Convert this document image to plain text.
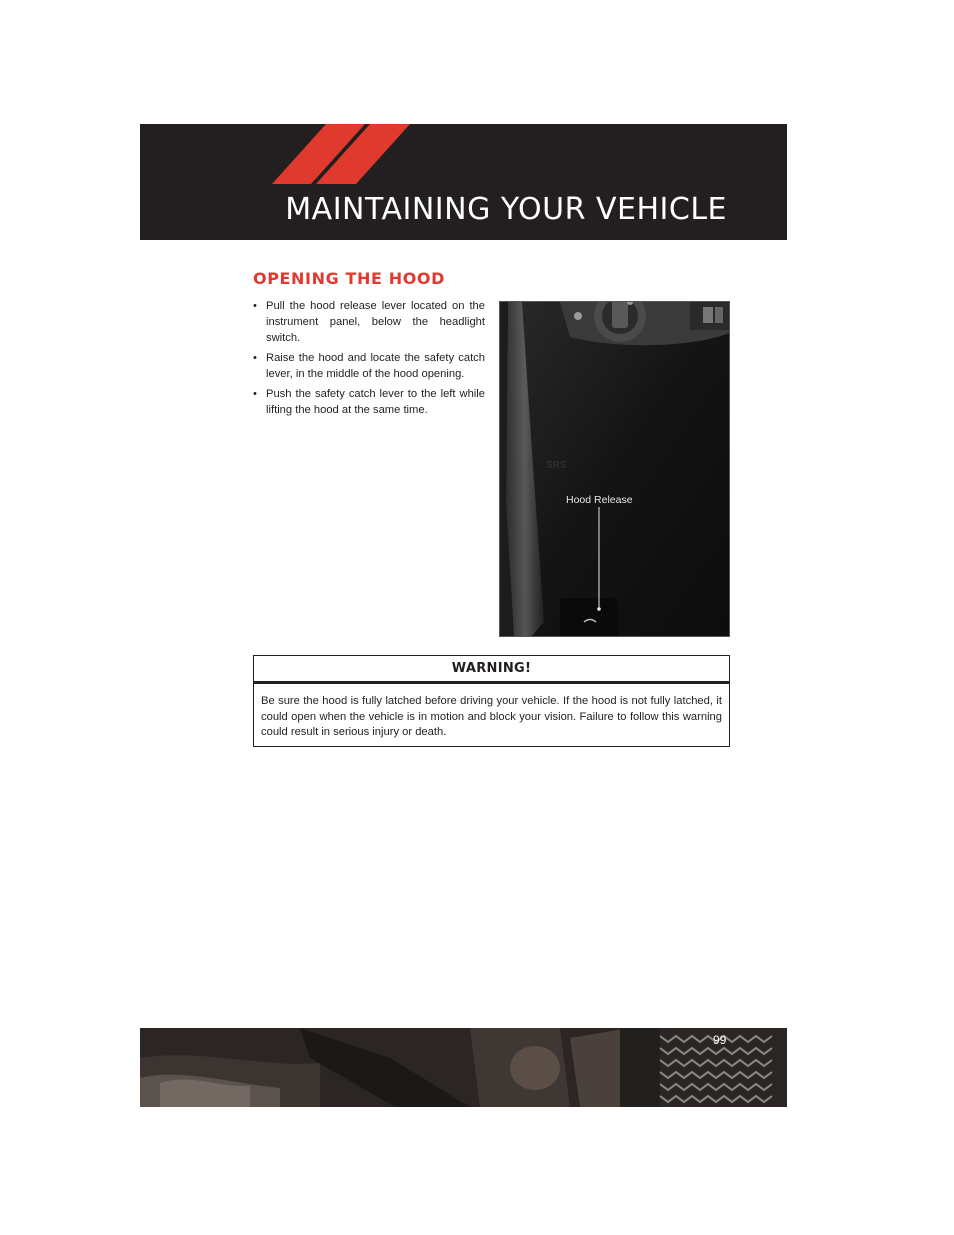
MAINTAINING YOUR VEHICLE
OPENING THE HOOD
• Pull the hood release lever located on the instrument panel, below the headlight switch.
• Raise the hood and locate the safety catch lever, in the middle of the hood opening.
• Push the safety catch lever to the left while lifting the hood at the same time.
SRS
Hood Release
WARNING!
Be sure the hood is fully latched before driving your vehicle. If the hood is not fully latched, it could open when the vehicle is in motion and block your vision. Failure to follow this warning could result in serious injury or death.
99
